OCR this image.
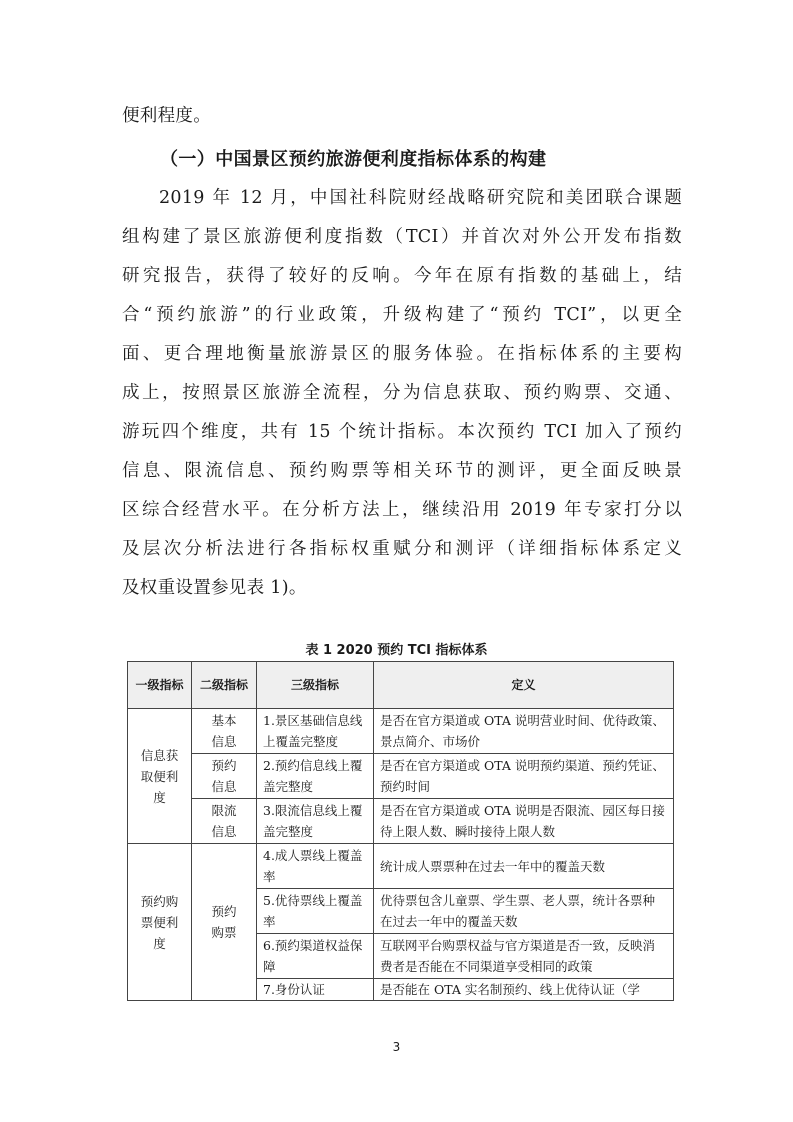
便利程度。

（一）中国景区预约旅游便利度指标体系的构建
2019 年 12 月，中国社科院财经战略研究院和美团联合课题
组构建了景区旅游便利度指数（TCI）并首次对外公开发布指数
研究报告，获得了较好的反响。今年在原有指数的基础上，结
合“预约旅游”的行业政策，升级构建了“预约 TCI”，以更全
面、更合理地衡量旅游景区的服务体验。在指标体系的主要构
成上，按照景区旅游全流程，分为信息获取、预约购票、交通、
游玩四个维度，共有 15 个统计指标。本次预约 TCI 加入了预约
信息、限流信息、预约购票等相关环节的测评，更全面反映景
区综合经营水平。在分析方法上，继续沿用 2019 年专家打分以
及层次分析法进行各指标权重赋分和测评（详细指标体系定义
及权重设置参见表 1)。

表 1 2020 预约 TCI 指标体系

一级指标	二级指标	三级指标	定义

信息获取便利度	基本信息	1.景区基础信息线上覆盖完整度	是否在官方渠道或 OTA 说明营业时间、优待政策、景点简介、市场价

	预约信息	2.预约信息线上覆盖完整度	是否在官方渠道或 OTA 说明预约渠道、预约凭证、预约时间

	限流信息	3.限流信息线上覆盖完整度	是否在官方渠道或 OTA 说明是否限流、园区每日接待上限人数、瞬时接待上限人数

预约购票便利度	预约购票	4.成人票线上覆盖率	统计成人票票种在过去一年中的覆盖天数

		5.优待票线上覆盖率	优待票包含儿童票、学生票、老人票，统计各票种在过去一年中的覆盖天数

		6.预约渠道权益保障	互联网平台购票权益与官方渠道是否一致，反映消费者是否能在不同渠道享受相同的政策

		7.身份认证	是否能在 OTA 实名制预约、线上优待认证（学

3
